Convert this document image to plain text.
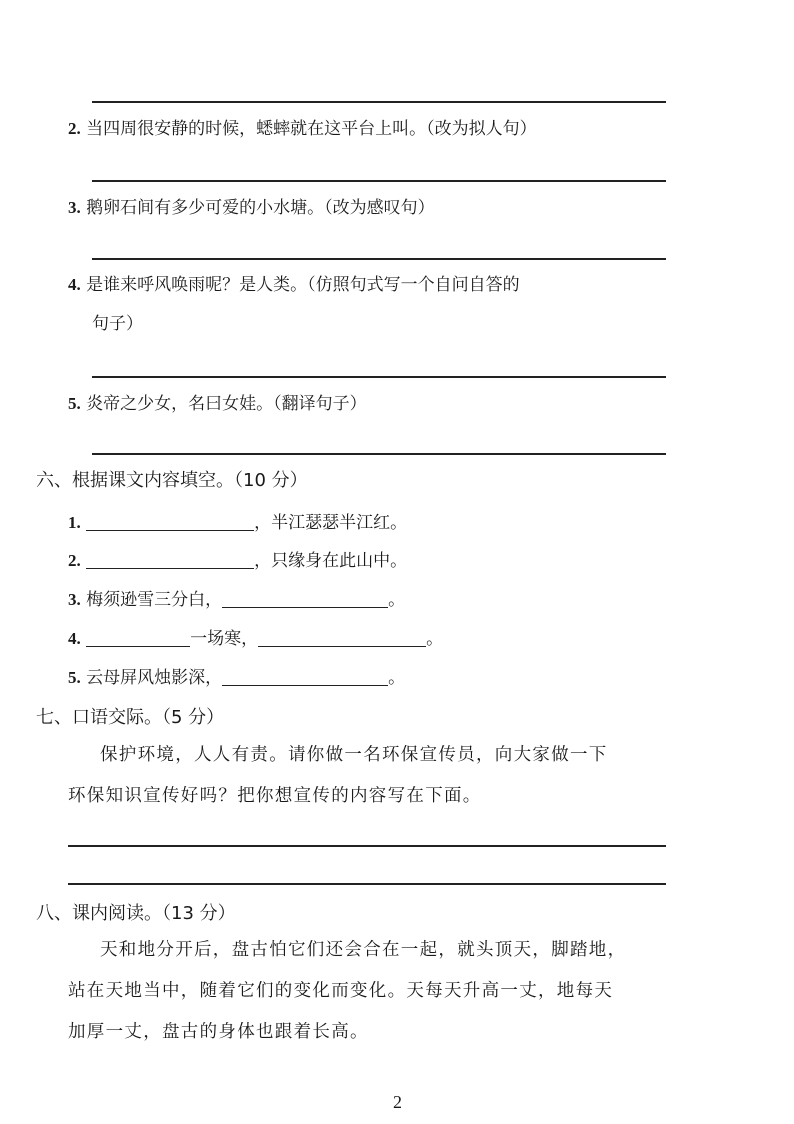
2. 当四周很安静的时候，蟋蟀就在这平台上叫。（改为拟人句）
3. 鹅卵石间有多少可爱的小水塘。（改为感叹句）
4. 是谁来呼风唤雨呢？是人类。（仿照句式写一个自问自答的
句子）
5. 炎帝之少女，名曰女娃。（翻译句子）
六、根据课文内容填空。（10 分）
1.	，半江瑟瑟半江红。
2.	，只缘身在此山中。
3. 梅须逊雪三分白，	。
4.	一场寒，	。
5. 云母屏风烛影深，	。
七、口语交际。（5 分）
保护环境，人人有责。请你做一名环保宣传员，向大家做一下
环保知识宣传好吗？把你想宣传的内容写在下面。
八、课内阅读。（13 分）
天和地分开后，盘古怕它们还会合在一起，就头顶天，脚踏地，
站在天地当中，随着它们的变化而变化。天每天升高一丈，地每天
加厚一丈，盘古的身体也跟着长高。
2
